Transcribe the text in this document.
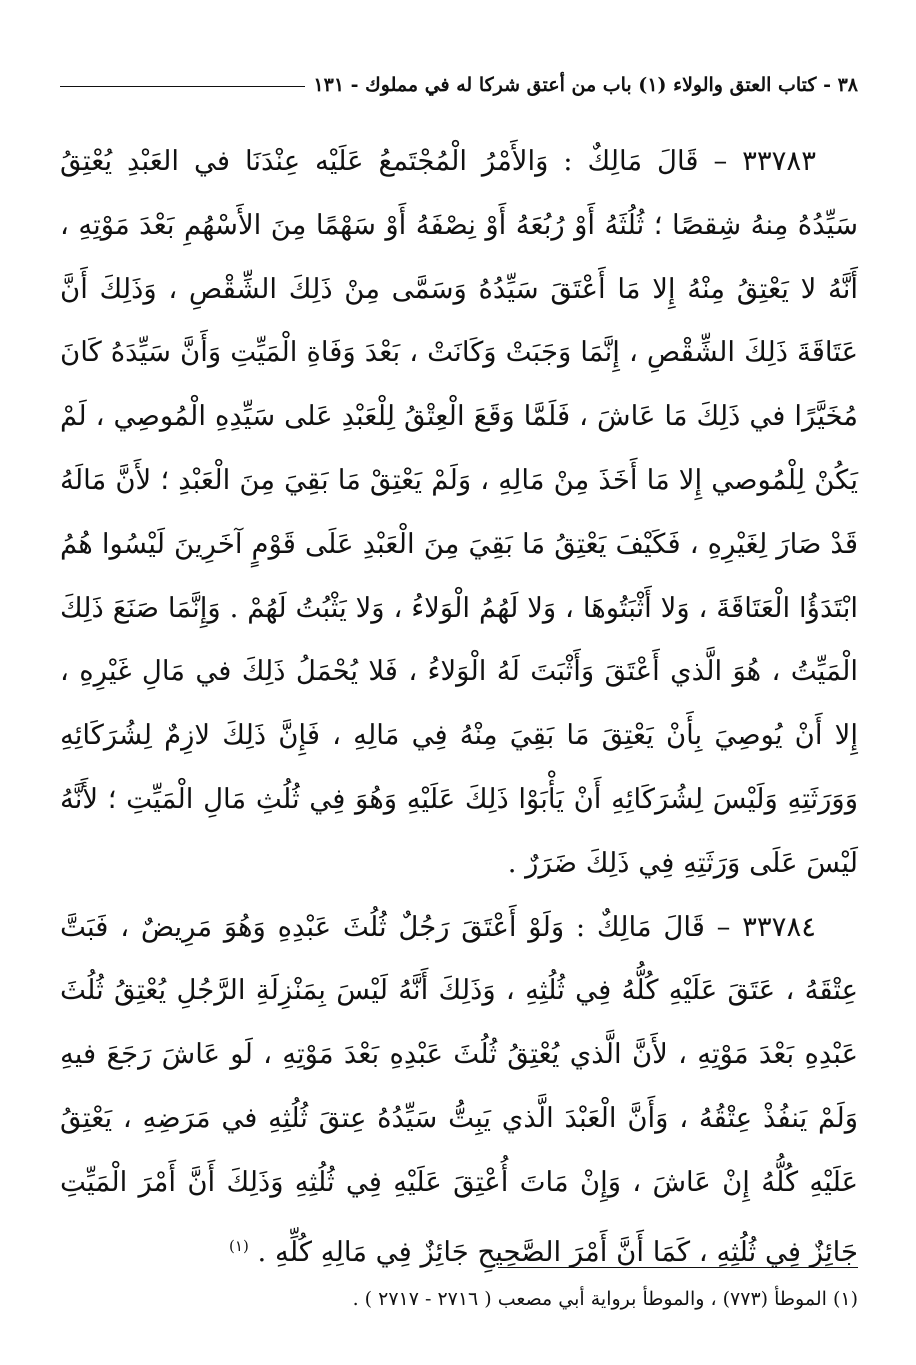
٣٨ - كتاب العتق والولاء (١) باب من أعتق شركا له في مملوك - ١٣١

٣٣٧٨٣ – قَالَ مَالِكٌ : وَالأَمْرُ الْمُجْتَمعُ عَلَيْه عِنْدَنَا في العَبْدِ يُعْتِقُ سَيِّدُهُ مِنهُ شِقصًا ؛ ثُلُثَهُ أَوْ رُبُعَهُ أَوْ نِصْفَهُ أَوْ سَهْمًا مِنَ الأَسْهُمِ بَعْدَ مَوْتِهِ ، أَنَّهُ لا يَعْتِقُ مِنْهُ إِلا مَا أَعْتَقَ سَيِّدُهُ وَسَمَّى مِنْ ذَلِكَ الشِّقْصِ ، وَذَلِكَ أَنَّ عَتَاقَةَ ذَلِكَ الشِّقْصِ ، إِنَّمَا وَجَبَتْ وَكَانَتْ ، بَعْدَ وَفَاةِ الْمَيِّتِ وَأَنَّ سَيِّدَهُ كَانَ مُخَيَّرًا في ذَلِكَ مَا عَاشَ ، فَلَمَّا وَقَعَ الْعِتْقُ لِلْعَبْدِ عَلى سَيِّدِهِ الْمُوصِي ، لَمْ يَكُنْ لِلْمُوصي إِلا مَا أَخَذَ مِنْ مَالِهِ ، وَلَمْ يَعْتِقْ مَا بَقِيَ مِنَ الْعَبْدِ ؛ لأَنَّ مَالَهُ قَدْ صَارَ لِغَيْرِهِ ، فَكَيْفَ يَعْتِقُ مَا بَقِيَ مِنَ الْعَبْدِ عَلَى قَوْمٍ آخَرِينَ لَيْسُوا هُمُ ابْتَدَؤُا الْعَتَاقَةَ ، وَلا أَثْبَتُوهَا ، وَلا لَهُمُ الْوَلاءُ ، وَلا يَثْبُتُ لَهُمْ . وَإِنَّمَا صَنَعَ ذَلِكَ الْمَيِّتُ ، هُوَ الَّذي أَعْتَقَ وَأَثْبَتَ لَهُ الْوَلاءُ ، فَلا يُحْمَلُ ذَلِكَ في مَالِ غَيْرِهِ ، إِلا أَنْ يُوصِيَ بِأَنْ يَعْتِقَ مَا بَقِيَ مِنْهُ فِي مَالِهِ ، فَإِنَّ ذَلِكَ لازِمٌ لِشُرَكَائِهِ وَوَرَثَتِهِ وَلَيْسَ لِشُرَكَائِهِ أَنْ يَأْبَوْا ذَلِكَ عَلَيْهِ وَهُوَ فِي ثُلُثِ مَالِ الْمَيِّتِ ؛ لأَنَّهُ لَيْسَ عَلَى وَرَثَتِهِ فِي ذَلِكَ ضَرَرٌ .

٣٣٧٨٤ – قَالَ مَالِكٌ : وَلَوْ أَعْتَقَ رَجُلٌ ثُلُثَ عَبْدِهِ وَهُوَ مَرِيضٌ ، فَبَتَّ عِتْقَهُ ، عَتَقَ عَلَيْهِ كُلُّهُ فِي ثُلُثِهِ ، وَذَلِكَ أَنَّهُ لَيْسَ بِمَنْزِلَةِ الرَّجُلِ يُعْتِقُ ثُلُثَ عَبْدِهِ بَعْدَ مَوْتِهِ ، لأَنَّ الَّذي يُعْتِقُ ثُلُثَ عَبْدِهِ بَعْدَ مَوْتِهِ ، لَو عَاشَ رَجَعَ فيهِ وَلَمْ يَنفُذْ عِتْقُهُ ، وَأَنَّ الْعَبْدَ الَّذي يَبِتُّ سَيِّدُهُ عِتقَ ثُلُثِهِ في مَرَضِهِ ، يَعْتِقُ عَلَيْهِ كُلُّهُ إِنْ عَاشَ ، وَإِنْ مَاتَ أُعْتِقَ عَلَيْهِ فِي ثُلُثِهِ وَذَلِكَ أَنَّ أَمْرَ الْمَيِّتِ جَائِزٌ فِي ثُلُثِهِ ، كَمَا أَنَّ أَمْرَ الصَّحِيحِ جَائِزٌ فِي مَالِهِ كُلِّهِ . $^{(١)}$

(١) الموطأ (٧٧٣) ، والموطأ برواية أبي مصعب ( ٢٧١٦ - ٢٧١٧ ) .
